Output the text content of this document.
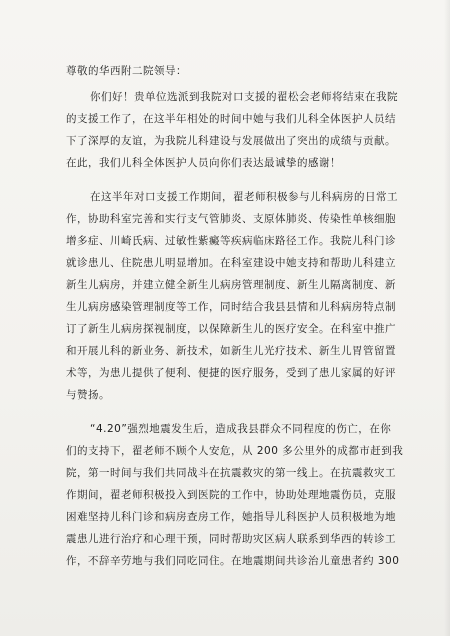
尊敬的华西附二院领导：
你们好！贵单位选派到我院对口支援的翟松会老师将结束在我院
的支援工作了，在这半年相处的时间中她与我们儿科全体医护人员结
下了深厚的友谊，为我院儿科建设与发展做出了突出的成绩与贡献。
在此，我们儿科全体医护人员向你们表达最诚挚的感谢！
在这半年对口支援工作期间，翟老师积极参与儿科病房的日常工
作，协助科室完善和实行支气管肺炎、支原体肺炎、传染性单核细胞
增多症、川崎氏病、过敏性紫癜等疾病临床路径工作。我院儿科门诊
就诊患儿、住院患儿明显增加。在科室建设中她支持和帮助儿科建立
新生儿病房，并建立健全新生儿病房管理制度、新生儿隔离制度、新
生儿病房感染管理制度等工作，同时结合我县县情和儿科病房特点制
订了新生儿病房探视制度，以保障新生儿的医疗安全。在科室中推广
和开展儿科的新业务、新技术，如新生儿光疗技术、新生儿胃管留置
术等，为患儿提供了便利、便捷的医疗服务，受到了患儿家属的好评
与赞扬。
“4.20”强烈地震发生后，造成我县群众不同程度的伤亡，在你
们的支持下，翟老师不顾个人安危，从 200 多公里外的成都市赶到我
院，第一时间与我们共同战斗在抗震救灾的第一线上。在抗震救灾工
作期间，翟老师积极投入到医院的工作中，协助处理地震伤员，克服
困难坚持儿科门诊和病房查房工作，她指导儿科医护人员积极地为地
震患儿进行治疗和心理干预，同时帮助灾区病人联系到华西的转诊工
作，不辞辛劳地与我们同吃同住。在地震期间共诊治儿童患者约 300
